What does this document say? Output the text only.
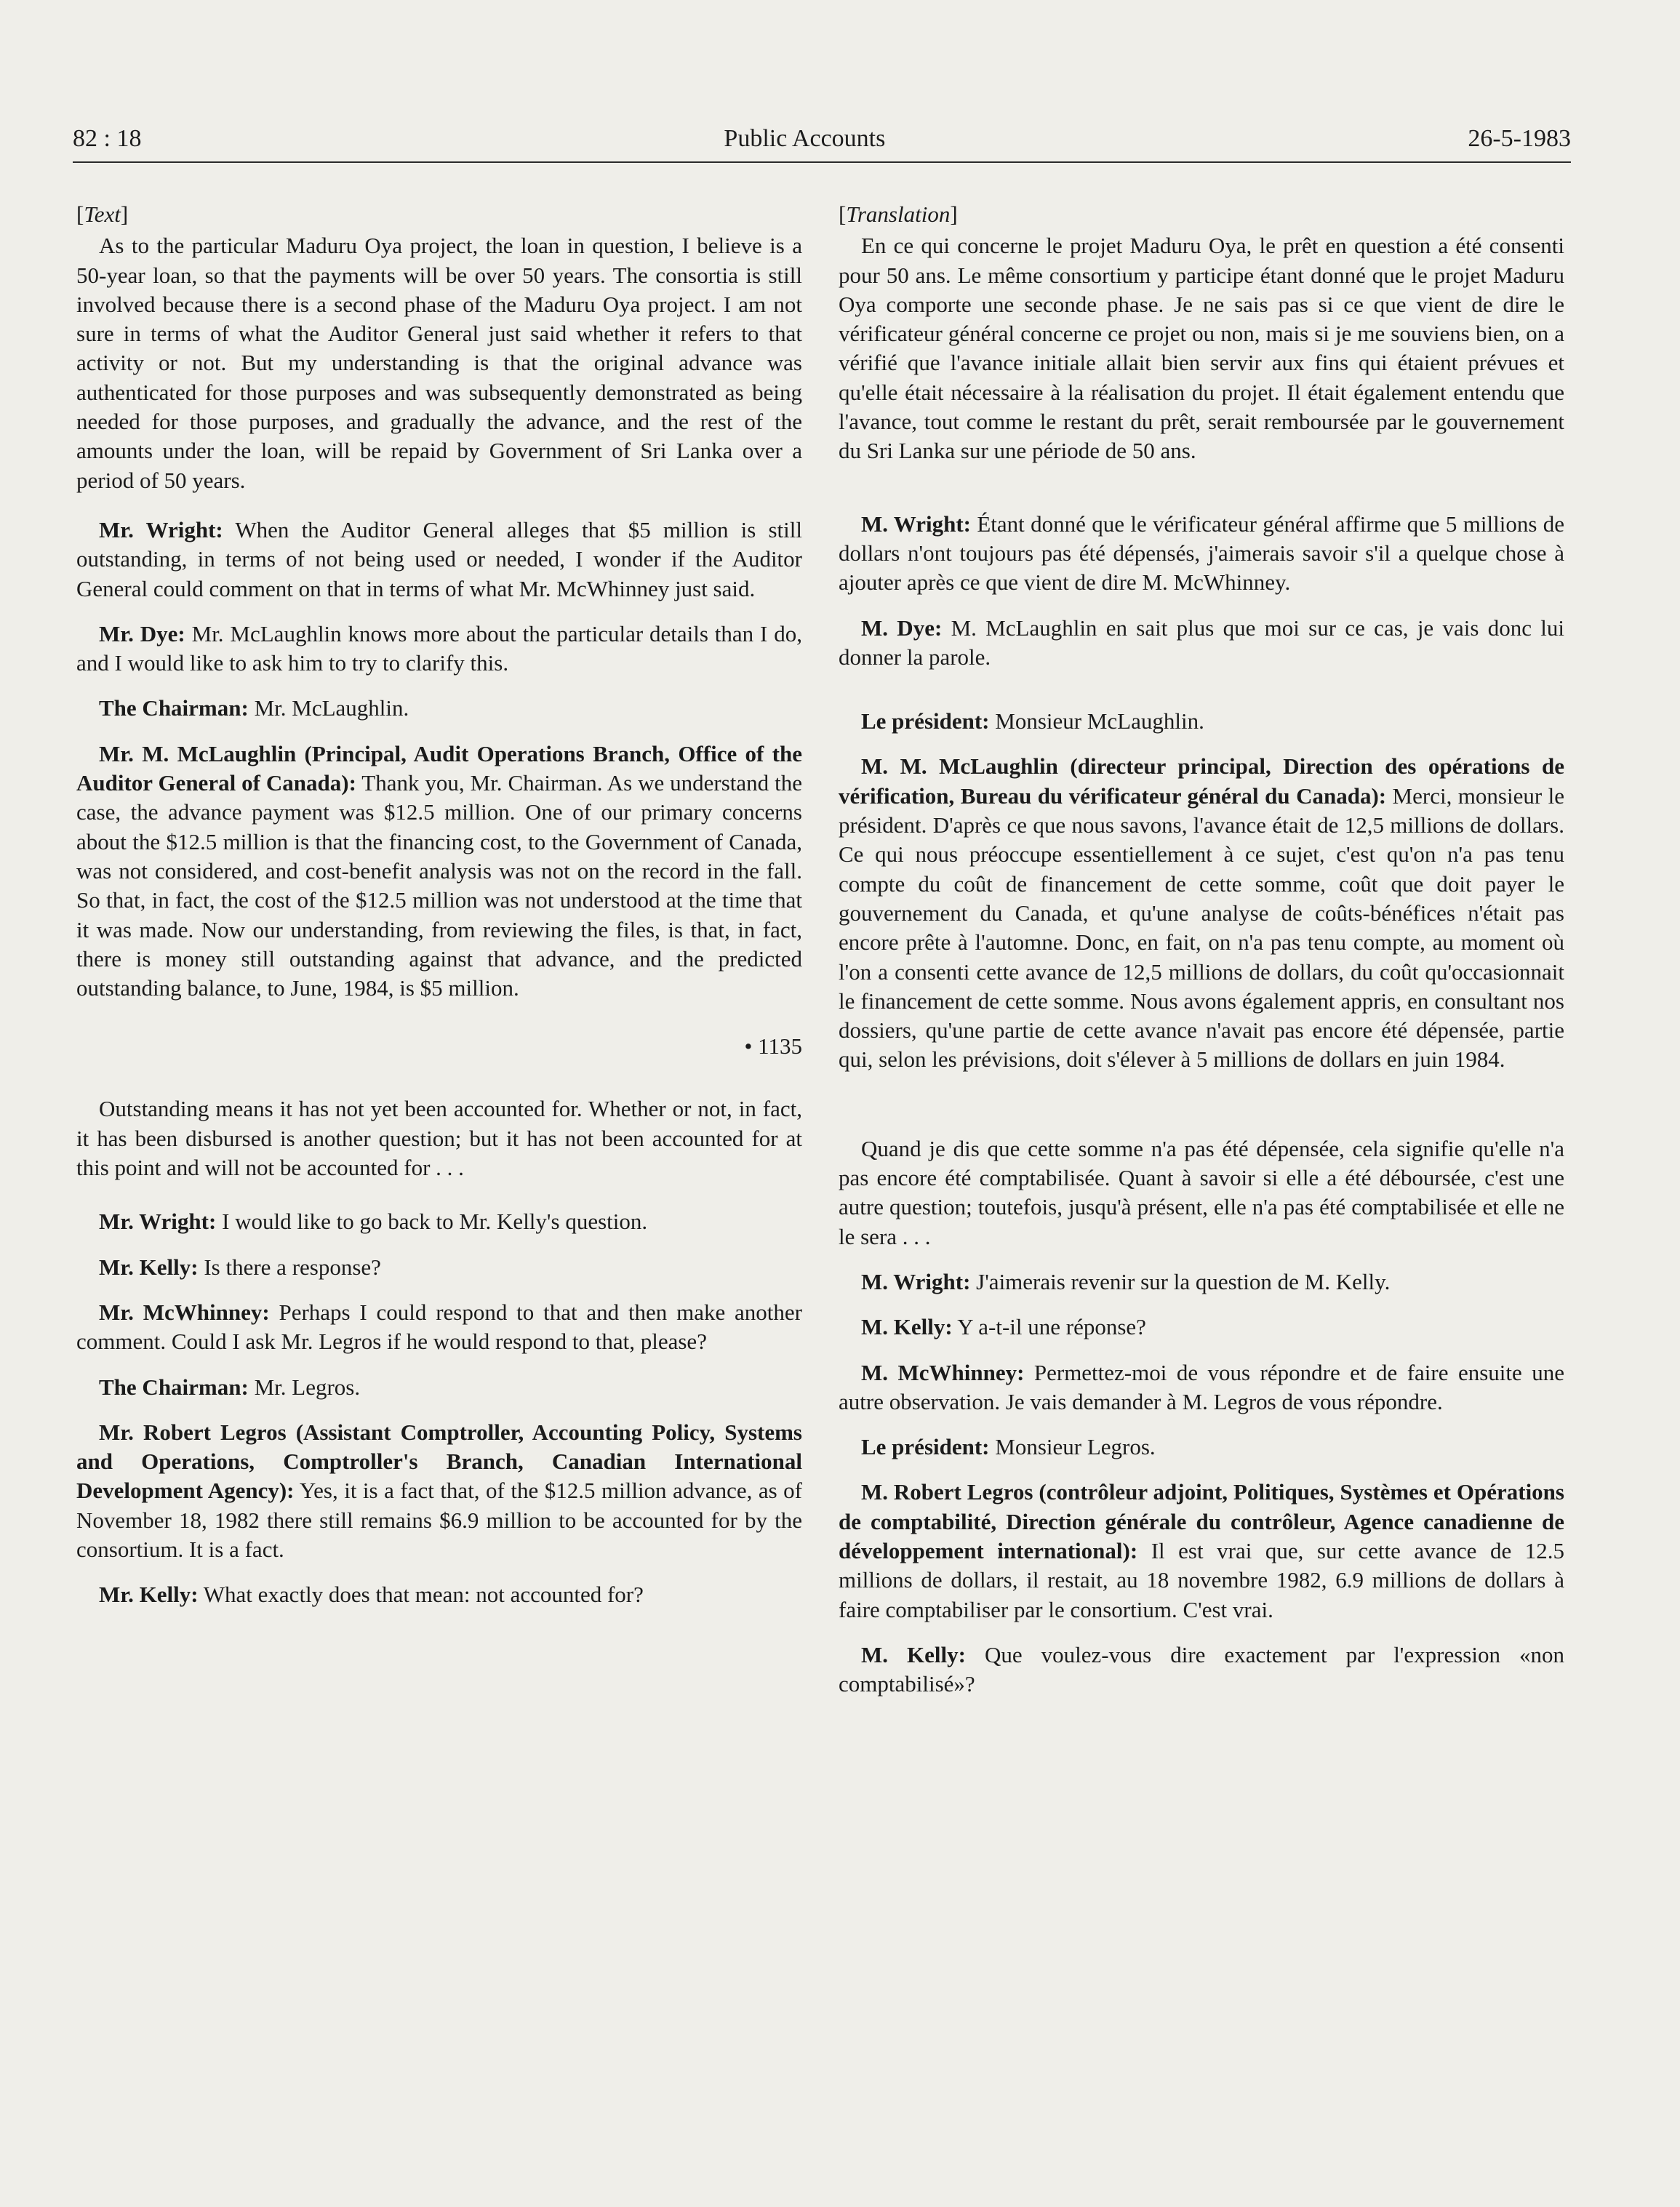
82 : 18	Public Accounts	26-5-1983
[Text]

As to the particular Maduru Oya project, the loan in question, I believe is a 50-year loan, so that the payments will be over 50 years. The consortia is still involved because there is a second phase of the Maduru Oya project. I am not sure in terms of what the Auditor General just said whether it refers to that activity or not. But my understanding is that the original advance was authenticated for those purposes and was subsequently demonstrated as being needed for those purposes, and gradually the advance, and the rest of the amounts under the loan, will be repaid by Government of Sri Lanka over a period of 50 years.

Mr. Wright: When the Auditor General alleges that $5 million is still outstanding, in terms of not being used or needed, I wonder if the Auditor General could comment on that in terms of what Mr. McWhinney just said.

Mr. Dye: Mr. McLaughlin knows more about the particular details than I do, and I would like to ask him to try to clarify this.

The Chairman: Mr. McLaughlin.

Mr. M. McLaughlin (Principal, Audit Operations Branch, Office of the Auditor General of Canada): Thank you, Mr. Chairman. As we understand the case, the advance payment was $12.5 million. One of our primary concerns about the $12.5 million is that the financing cost, to the Government of Canada, was not considered, and cost-benefit analysis was not on the record in the fall. So that, in fact, the cost of the $12.5 million was not understood at the time that it was made. Now our understanding, from reviewing the files, is that, in fact, there is money still outstanding against that advance, and the predicted outstanding balance, to June, 1984, is $5 million.

• 1135

Outstanding means it has not yet been accounted for. Whether or not, in fact, it has been disbursed is another question; but it has not been accounted for at this point and will not be accounted for . . .

Mr. Wright: I would like to go back to Mr. Kelly's question.

Mr. Kelly: Is there a response?

Mr. McWhinney: Perhaps I could respond to that and then make another comment. Could I ask Mr. Legros if he would respond to that, please?

The Chairman: Mr. Legros.

Mr. Robert Legros (Assistant Comptroller, Accounting Policy, Systems and Operations, Comptroller's Branch, Canadian International Development Agency): Yes, it is a fact that, of the $12.5 million advance, as of November 18, 1982 there still remains $6.9 million to be accounted for by the consortium. It is a fact.

Mr. Kelly: What exactly does that mean: not accounted for?

[Translation]

En ce qui concerne le projet Maduru Oya, le prêt en question a été consenti pour 50 ans. Le même consortium y participe étant donné que le projet Maduru Oya comporte une seconde phase. Je ne sais pas si ce que vient de dire le vérificateur général concerne ce projet ou non, mais si je me souviens bien, on a vérifié que l'avance initiale allait bien servir aux fins qui étaient prévues et qu'elle était nécessaire à la réalisation du projet. Il était également entendu que l'avance, tout comme le restant du prêt, serait remboursée par le gouvernement du Sri Lanka sur une période de 50 ans.

M. Wright: Étant donné que le vérificateur général affirme que 5 millions de dollars n'ont toujours pas été dépensés, j'aimerais savoir s'il a quelque chose à ajouter après ce que vient de dire M. McWhinney.

M. Dye: M. McLaughlin en sait plus que moi sur ce cas, je vais donc lui donner la parole.

Le président: Monsieur McLaughlin.

M. M. McLaughlin (directeur principal, Direction des opérations de vérification, Bureau du vérificateur général du Canada): Merci, monsieur le président. D'après ce que nous savons, l'avance était de 12,5 millions de dollars. Ce qui nous préoccupe essentiellement à ce sujet, c'est qu'on n'a pas tenu compte du coût de financement de cette somme, coût que doit payer le gouvernement du Canada, et qu'une analyse de coûts-bénéfices n'était pas encore prête à l'automne. Donc, en fait, on n'a pas tenu compte, au moment où l'on a consenti cette avance de 12,5 millions de dollars, du coût qu'occasionnait le financement de cette somme. Nous avons également appris, en consultant nos dossiers, qu'une partie de cette avance n'avait pas encore été dépensée, partie qui, selon les prévisions, doit s'élever à 5 millions de dollars en juin 1984.

Quand je dis que cette somme n'a pas été dépensée, cela signifie qu'elle n'a pas encore été comptabilisée. Quant à savoir si elle a été déboursée, c'est une autre question; toutefois, jusqu'à présent, elle n'a pas été comptabilisée et elle ne le sera . . .

M. Wright: J'aimerais revenir sur la question de M. Kelly.

M. Kelly: Y a-t-il une réponse?

M. McWhinney: Permettez-moi de vous répondre et de faire ensuite une autre observation. Je vais demander à M. Legros de vous répondre.

Le président: Monsieur Legros.

M. Robert Legros (contrôleur adjoint, Politiques, Systèmes et Opérations de comptabilité, Direction générale du contrôleur, Agence canadienne de développement international): Il est vrai que, sur cette avance de 12.5 millions de dollars, il restait, au 18 novembre 1982, 6.9 millions de dollars à faire comptabiliser par le consortium. C'est vrai.

M. Kelly: Que voulez-vous dire exactement par l'expression «non comptabilisé»?
